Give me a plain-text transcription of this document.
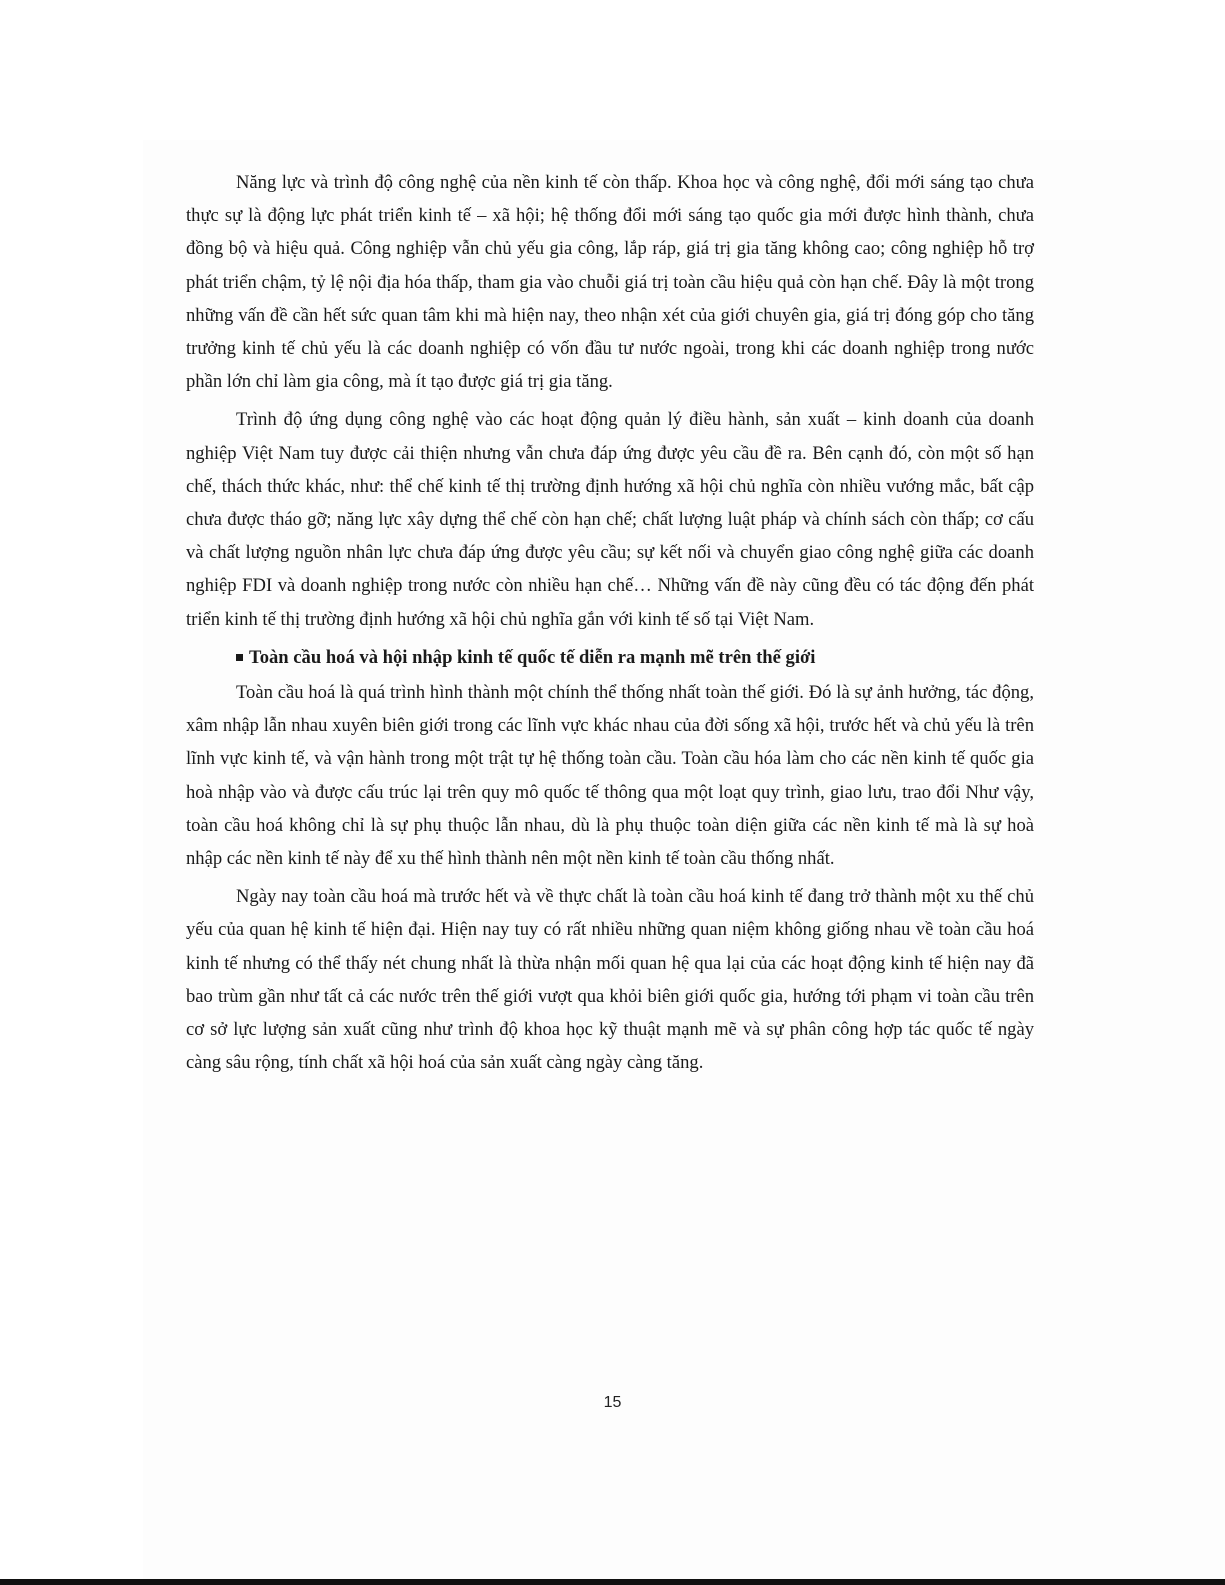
Năng lực và trình độ công nghệ của nền kinh tế còn thấp. Khoa học và công nghệ, đổi mới sáng tạo chưa thực sự là động lực phát triển kinh tế – xã hội; hệ thống đổi mới sáng tạo quốc gia mới được hình thành, chưa đồng bộ và hiệu quả. Công nghiệp vẫn chủ yếu gia công, lắp ráp, giá trị gia tăng không cao; công nghiệp hỗ trợ phát triển chậm, tỷ lệ nội địa hóa thấp, tham gia vào chuỗi giá trị toàn cầu hiệu quả còn hạn chế. Đây là một trong những vấn đề cần hết sức quan tâm khi mà hiện nay, theo nhận xét của giới chuyên gia, giá trị đóng góp cho tăng trưởng kinh tế chủ yếu là các doanh nghiệp có vốn đầu tư nước ngoài, trong khi các doanh nghiệp trong nước phần lớn chỉ làm gia công, mà ít tạo được giá trị gia tăng.

Trình độ ứng dụng công nghệ vào các hoạt động quản lý điều hành, sản xuất – kinh doanh của doanh nghiệp Việt Nam tuy được cải thiện nhưng vẫn chưa đáp ứng được yêu cầu đề ra. Bên cạnh đó, còn một số hạn chế, thách thức khác, như: thể chế kinh tế thị trường định hướng xã hội chủ nghĩa còn nhiều vướng mắc, bất cập chưa được tháo gỡ; năng lực xây dựng thể chế còn hạn chế; chất lượng luật pháp và chính sách còn thấp; cơ cấu và chất lượng nguồn nhân lực chưa đáp ứng được yêu cầu; sự kết nối và chuyển giao công nghệ giữa các doanh nghiệp FDI và doanh nghiệp trong nước còn nhiều hạn chế… Những vấn đề này cũng đều có tác động đến phát triển kinh tế thị trường định hướng xã hội chủ nghĩa gắn với kinh tế số tại Việt Nam.

Toàn cầu hoá và hội nhập kinh tế quốc tế diễn ra mạnh mẽ trên thế giới

Toàn cầu hoá là quá trình hình thành một chính thể thống nhất toàn thế giới. Đó là sự ảnh hưởng, tác động, xâm nhập lẫn nhau xuyên biên giới trong các lĩnh vực khác nhau của đời sống xã hội, trước hết và chủ yếu là trên lĩnh vực kinh tế, và vận hành trong một trật tự hệ thống toàn cầu. Toàn cầu hóa làm cho các nền kinh tế quốc gia hoà nhập vào và được cấu trúc lại trên quy mô quốc tế thông qua một loạt quy trình, giao lưu, trao đổi Như vậy, toàn cầu hoá không chỉ là sự phụ thuộc lẫn nhau, dù là phụ thuộc toàn diện giữa các nền kinh tế mà là sự hoà nhập các nền kinh tế này để xu thế hình thành nên một nền kinh tế toàn cầu thống nhất.

Ngày nay toàn cầu hoá mà trước hết và về thực chất là toàn cầu hoá kinh tế đang trở thành một xu thế chủ yếu của quan hệ kinh tế hiện đại. Hiện nay tuy có rất nhiều những quan niệm không giống nhau về toàn cầu hoá kinh tế nhưng có thể thấy nét chung nhất là thừa nhận mối quan hệ qua lại của các hoạt động kinh tế hiện nay đã bao trùm gần như tất cả các nước trên thế giới vượt qua khỏi biên giới quốc gia, hướng tới phạm vi toàn cầu trên cơ sở lực lượng sản xuất cũng như trình độ khoa học kỹ thuật mạnh mẽ và sự phân công hợp tác quốc tế ngày càng sâu rộng, tính chất xã hội hoá của sản xuất càng ngày càng tăng.

15
